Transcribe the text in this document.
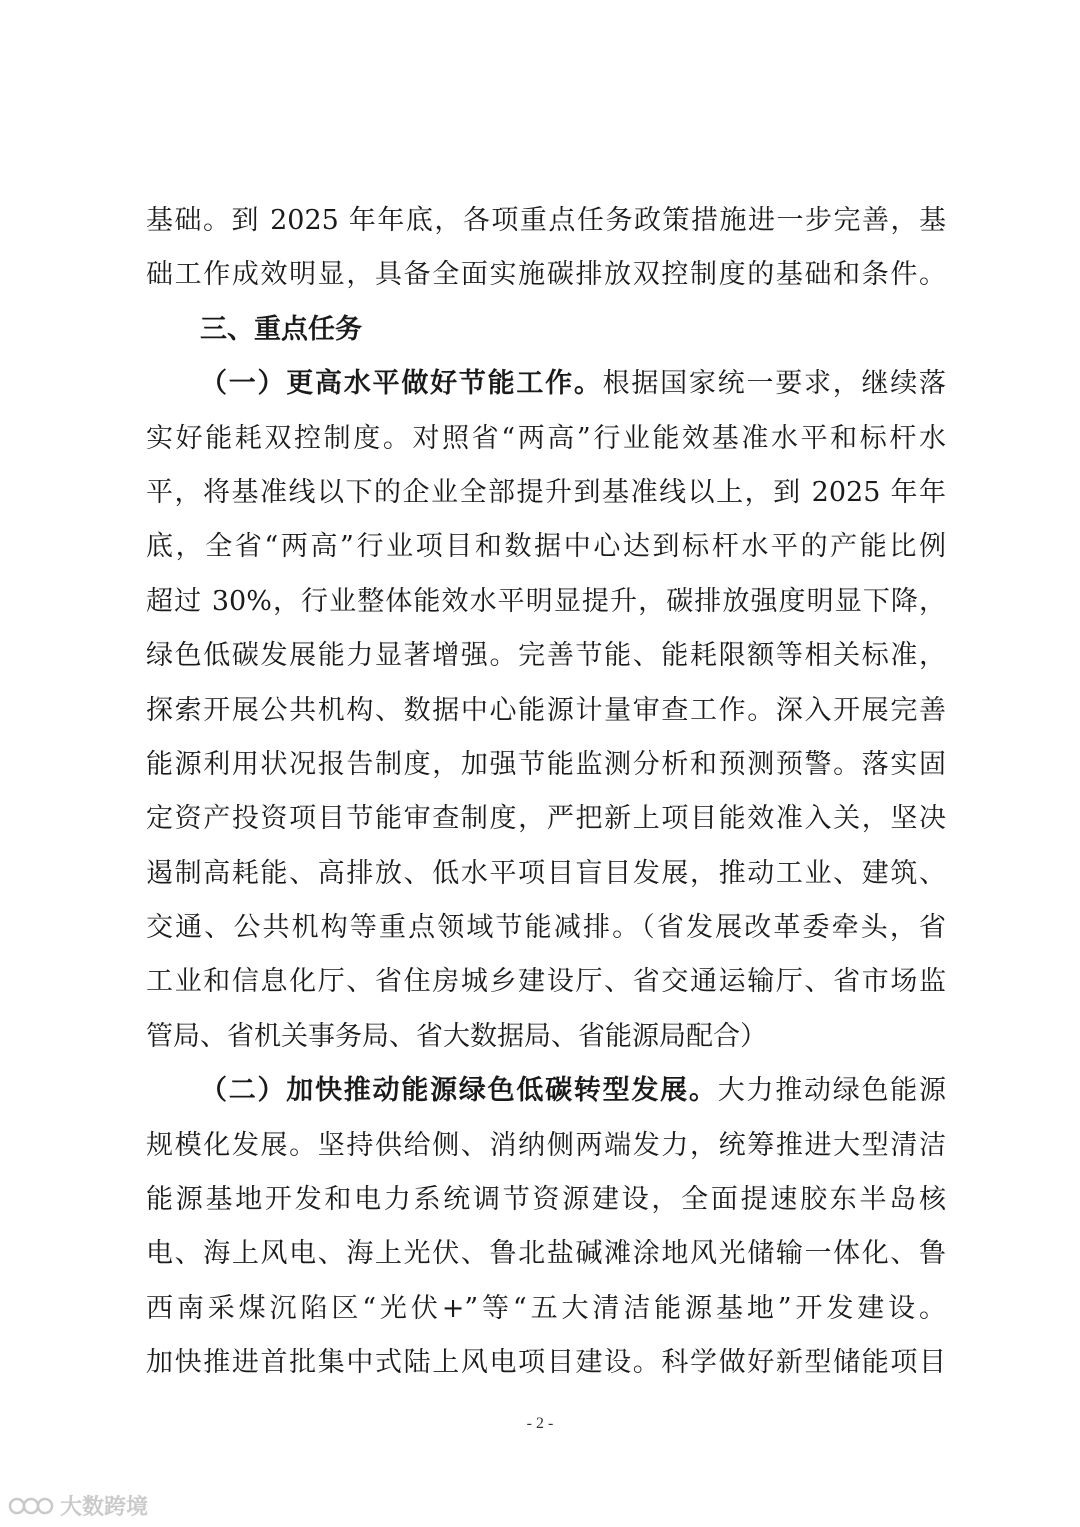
基础。到 2025 年年底，各项重点任务政策措施进一步完善，基
础工作成效明显，具备全面实施碳排放双控制度的基础和条件。
三、重点任务
（一）更高水平做好节能工作。根据国家统一要求，继续落
实好能耗双控制度。对照省“两高”行业能效基准水平和标杆水
平，将基准线以下的企业全部提升到基准线以上，到 2025 年年
底，全省“两高”行业项目和数据中心达到标杆水平的产能比例
超过 30%，行业整体能效水平明显提升，碳排放强度明显下降，
绿色低碳发展能力显著增强。完善节能、能耗限额等相关标准，
探索开展公共机构、数据中心能源计量审查工作。深入开展完善
能源利用状况报告制度，加强节能监测分析和预测预警。落实固
定资产投资项目节能审查制度，严把新上项目能效准入关，坚决
遏制高耗能、高排放、低水平项目盲目发展，推动工业、建筑、
交通、公共机构等重点领域节能减排。（省发展改革委牵头，省
工业和信息化厅、省住房城乡建设厅、省交通运输厅、省市场监
管局、省机关事务局、省大数据局、省能源局配合）
（二）加快推动能源绿色低碳转型发展。大力推动绿色能源
规模化发展。坚持供给侧、消纳侧两端发力，统筹推进大型清洁
能源基地开发和电力系统调节资源建设，全面提速胶东半岛核
电、海上风电、海上光伏、鲁北盐碱滩涂地风光储输一体化、鲁
西南采煤沉陷区“光伏+”等“五大清洁能源基地”开发建设。
加快推进首批集中式陆上风电项目建设。科学做好新型储能项目
- 2 -
大数跨境
